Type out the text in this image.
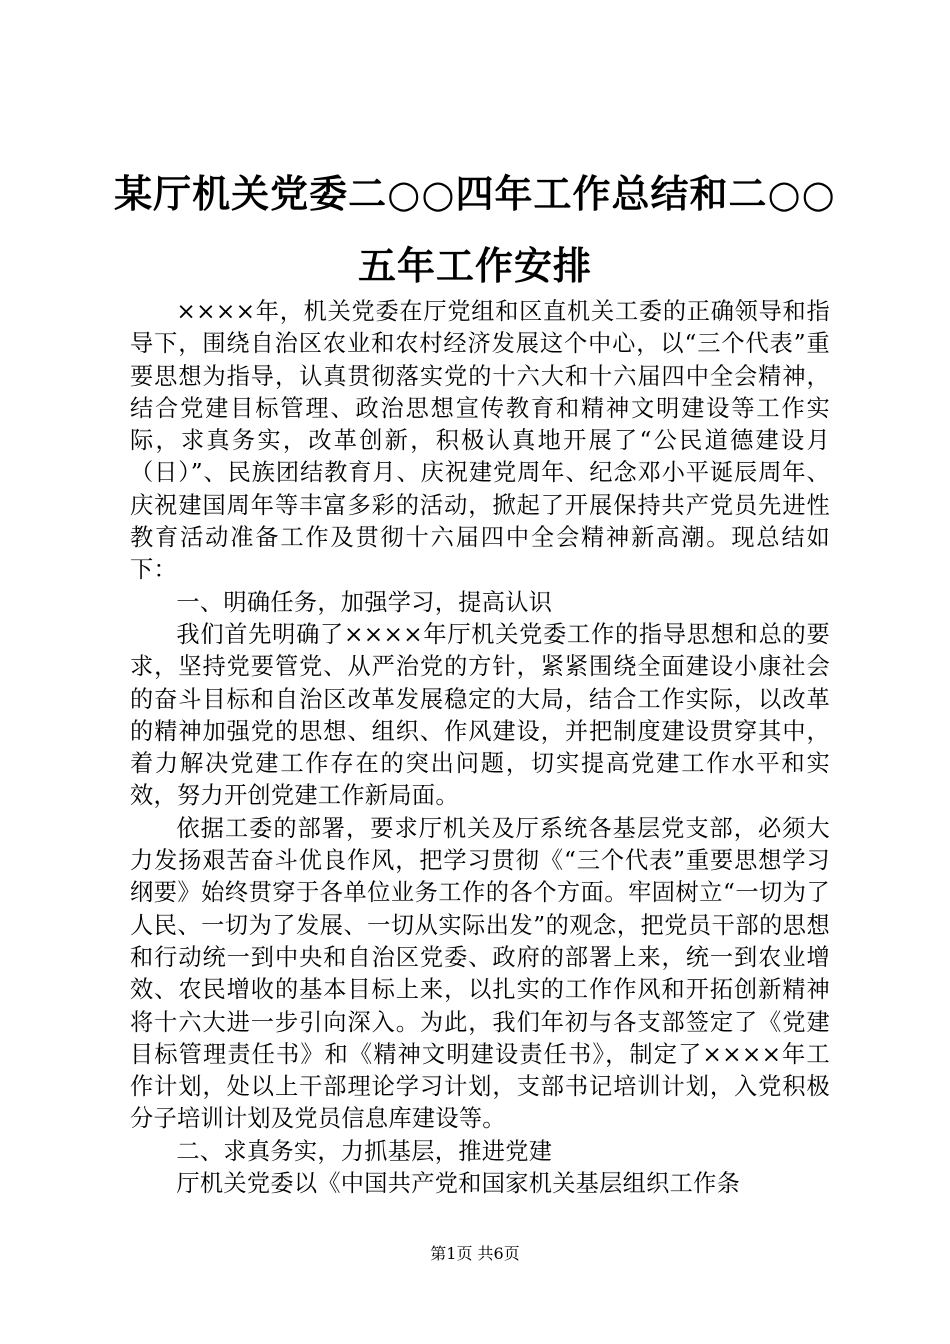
某厅机关党委二○○四年工作总结和二○○五年工作安排

××××年，机关党委在厅党组和区直机关工委的正确领导和指导下，围绕自治区农业和农村经济发展这个中心，以“三个代表”重要思想为指导，认真贯彻落实党的十六大和十六届四中全会精神，结合党建目标管理、政治思想宣传教育和精神文明建设等工作实际，求真务实，改革创新，积极认真地开展了“公民道德建设月（日）”、民族团结教育月、庆祝建党周年、纪念邓小平诞辰周年、庆祝建国周年等丰富多彩的活动，掀起了开展保持共产党员先进性教育活动准备工作及贯彻十六届四中全会精神新高潮。现总结如下：

一、明确任务，加强学习，提高认识

我们首先明确了××××年厅机关党委工作的指导思想和总的要求，坚持党要管党、从严治党的方针，紧紧围绕全面建设小康社会的奋斗目标和自治区改革发展稳定的大局，结合工作实际，以改革的精神加强党的思想、组织、作风建设，并把制度建设贯穿其中，着力解决党建工作存在的突出问题，切实提高党建工作水平和实效，努力开创党建工作新局面。

依据工委的部署，要求厅机关及厅系统各基层党支部，必须大力发扬艰苦奋斗优良作风，把学习贯彻《“三个代表”重要思想学习纲要》始终贯穿于各单位业务工作的各个方面。牢固树立“一切为了人民、一切为了发展、一切从实际出发”的观念，把党员干部的思想和行动统一到中央和自治区党委、政府的部署上来，统一到农业增效、农民增收的基本目标上来，以扎实的工作作风和开拓创新精神将十六大进一步引向深入。为此，我们年初与各支部签定了《党建目标管理责任书》和《精神文明建设责任书》，制定了××××年工作计划，处以上干部理论学习计划，支部书记培训计划，入党积极分子培训计划及党员信息库建设等。

二、求真务实，力抓基层，推进党建

厅机关党委以《中国共产党和国家机关基层组织工作条

第1页 共6页
